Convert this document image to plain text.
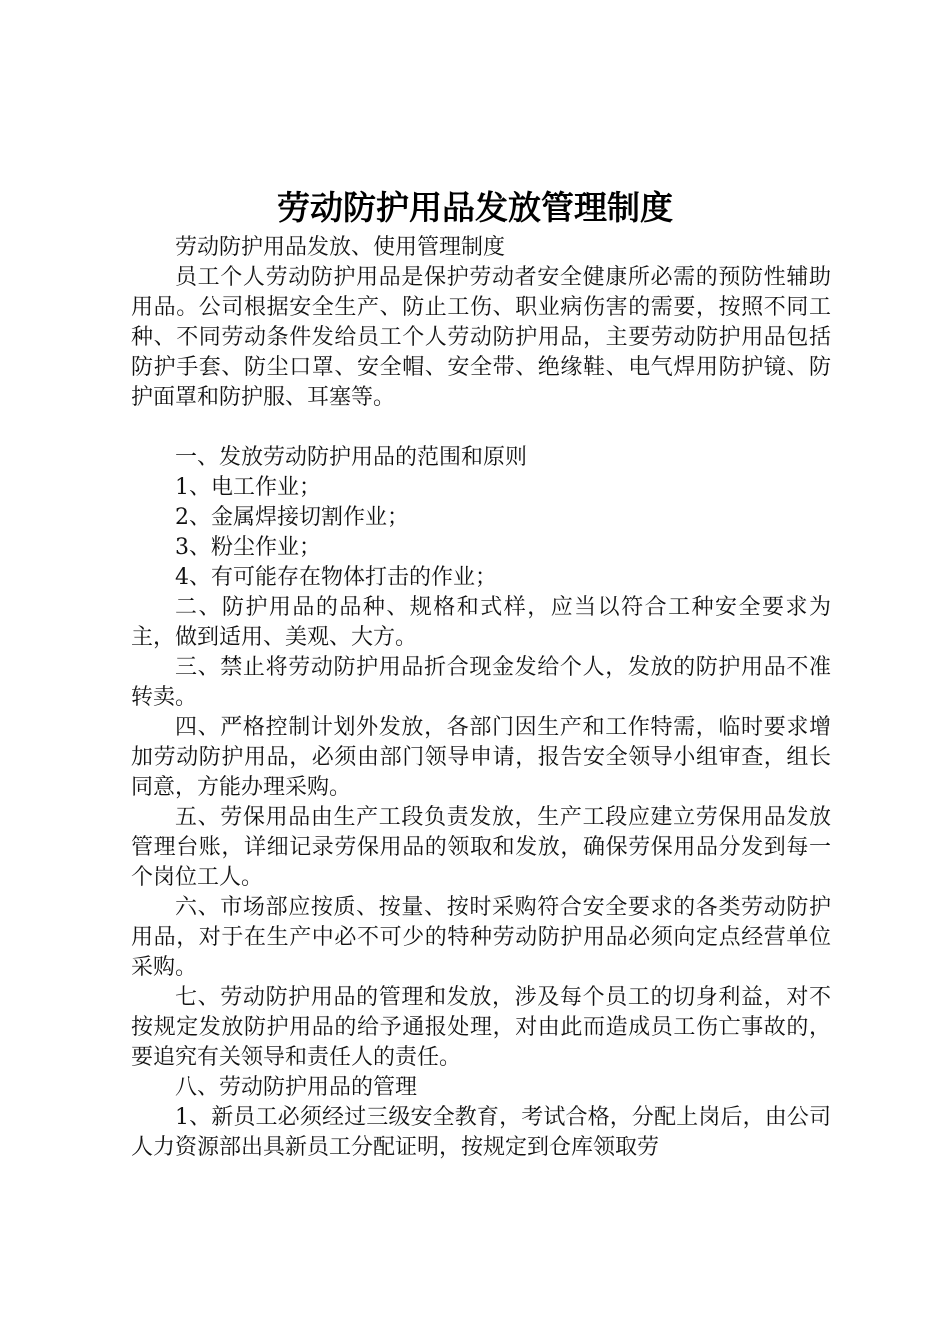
劳动防护用品发放管理制度

劳动防护用品发放、使用管理制度

员工个人劳动防护用品是保护劳动者安全健康所必需的预防性辅助用品。公司根据安全生产、防止工伤、职业病伤害的需要，按照不同工种、不同劳动条件发给员工个人劳动防护用品，主要劳动防护用品包括防护手套、防尘口罩、安全帽、安全带、绝缘鞋、电气焊用防护镜、防护面罩和防护服、耳塞等。

一、发放劳动防护用品的范围和原则

1、电工作业；

2、金属焊接切割作业；

3、粉尘作业；

4、有可能存在物体打击的作业；

二、防护用品的品种、规格和式样，应当以符合工种安全要求为主，做到适用、美观、大方。

三、禁止将劳动防护用品折合现金发给个人，发放的防护用品不准转卖。

四、严格控制计划外发放，各部门因生产和工作特需，临时要求增加劳动防护用品，必须由部门领导申请，报告安全领导小组审查，组长同意，方能办理采购。

五、劳保用品由生产工段负责发放，生产工段应建立劳保用品发放管理台账，详细记录劳保用品的领取和发放，确保劳保用品分发到每一个岗位工人。

六、市场部应按质、按量、按时采购符合安全要求的各类劳动防护用品，对于在生产中必不可少的特种劳动防护用品必须向定点经营单位采购。

七、劳动防护用品的管理和发放，涉及每个员工的切身利益，对不按规定发放防护用品的给予通报处理，对由此而造成员工伤亡事故的，要追究有关领导和责任人的责任。

八、劳动防护用品的管理

1、新员工必须经过三级安全教育，考试合格，分配上岗后，由公司人力资源部出具新员工分配证明，按规定到仓库领取劳
